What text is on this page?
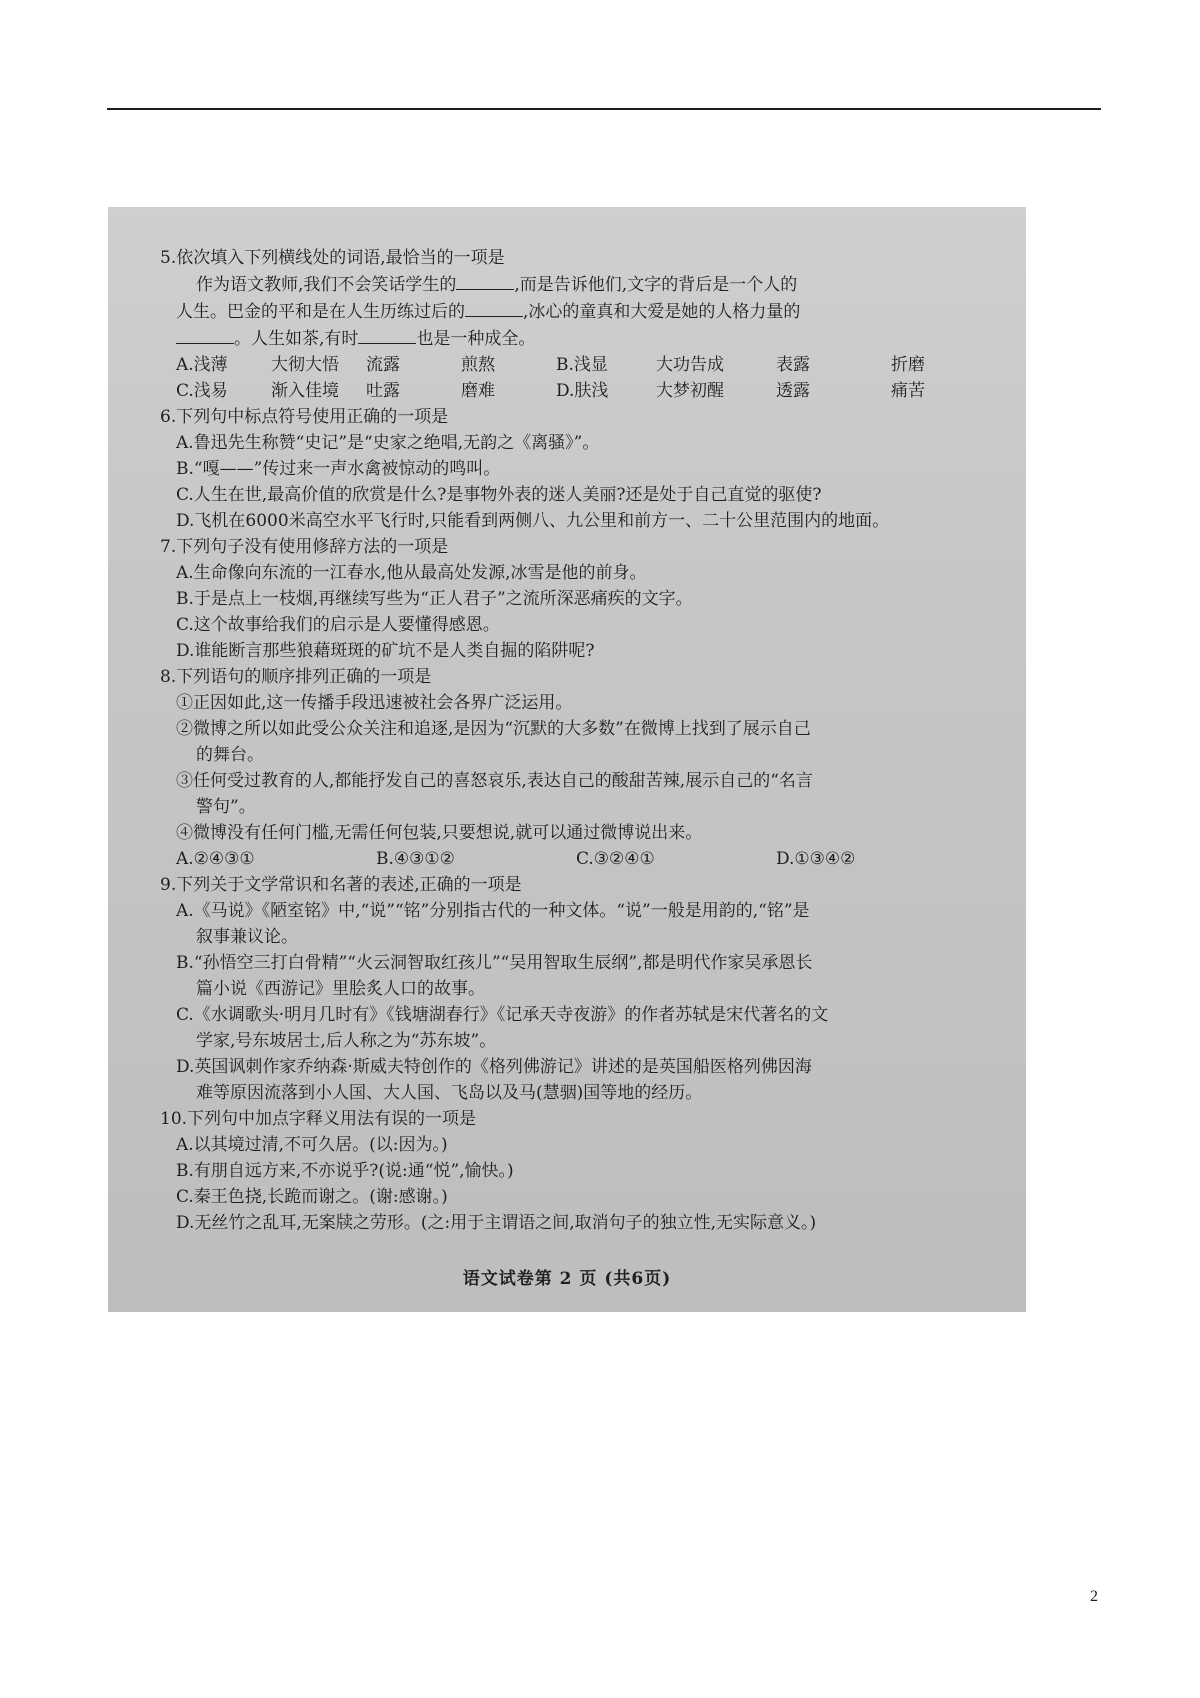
5.依次填入下列横线处的词语,最恰当的一项是

作为语文教师,我们不会笑话学生的	,而是告诉他们,文字的背后是一个人的

人生。巴金的平和是在人生历练过后的	,冰心的童真和大爱是她的人格力量的

。人生如茶,有时	也是一种成全。

A.浅薄	大彻大悟	流露	煎熬	B.浅显	大功告成	表露	折磨
C.浅易	渐入佳境	吐露	磨难	D.肤浅	大梦初醒	透露	痛苦

6.下列句中标点符号使用正确的一项是

A.鲁迅先生称赞“史记”是“史家之绝唱,无韵之《离骚》”。

B.“嘎——”传过来一声水禽被惊动的鸣叫。

C.人生在世,最高价值的欣赏是什么?是事物外表的迷人美丽?还是处于自己直觉的驱使?

D.飞机在6000米高空水平飞行时,只能看到两侧八、九公里和前方一、二十公里范围内的地面。

7.下列句子没有使用修辞方法的一项是

A.生命像向东流的一江春水,他从最高处发源,冰雪是他的前身。

B.于是点上一枝烟,再继续写些为“正人君子”之流所深恶痛疾的文字。

C.这个故事给我们的启示是人要懂得感恩。

D.谁能断言那些狼藉斑斑的矿坑不是人类自掘的陷阱呢?

8.下列语句的顺序排列正确的一项是

①正因如此,这一传播手段迅速被社会各界广泛运用。

②微博之所以如此受公众关注和追逐,是因为“沉默的大多数”在微博上找到了展示自己

的舞台。

③任何受过教育的人,都能抒发自己的喜怒哀乐,表达自己的酸甜苦辣,展示自己的“名言

警句”。

④微博没有任何门槛,无需任何包装,只要想说,就可以通过微博说出来。

A.②④③①	B.④③①②	C.③②④①	D.①③④②

9.下列关于文学常识和名著的表述,正确的一项是

A.《马说》《陋室铭》中,“说”“铭”分别指古代的一种文体。“说”一般是用韵的,“铭”是

叙事兼议论。

B.“孙悟空三打白骨精”“火云洞智取红孩儿”“吴用智取生辰纲”,都是明代作家吴承恩长

篇小说《西游记》里脍炙人口的故事。

C.《水调歌头·明月几时有》《钱塘湖春行》《记承天寺夜游》的作者苏轼是宋代著名的文

学家,号东坡居士,后人称之为“苏东坡”。

D.英国讽刺作家乔纳森·斯威夫特创作的《格列佛游记》讲述的是英国船医格列佛因海

难等原因流落到小人国、大人国、飞岛以及马(慧骃)国等地的经历。

10.下列句中加点字释义用法有误的一项是

A.以其境过清,不可久居。(以:因为。)

B.有朋自远方来,不亦说乎?(说:通“悦”,愉快。)

C.秦王色挠,长跪而谢之。(谢:感谢。)

D.无丝竹之乱耳,无案牍之劳形。(之:用于主谓语之间,取消句子的独立性,无实际意义。)

语文试卷第 2 页 (共6页)
2
